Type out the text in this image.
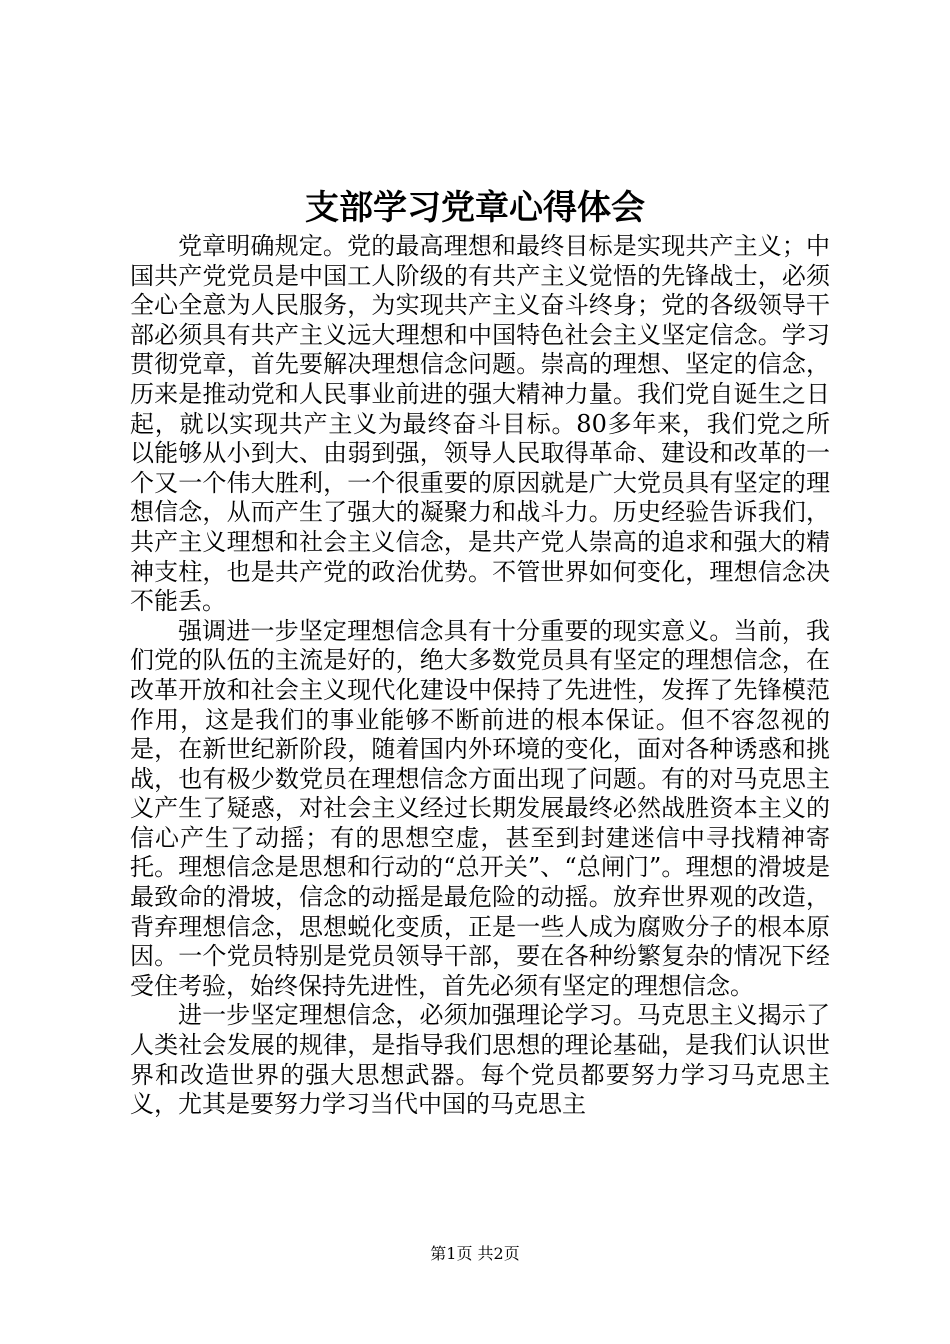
支部学习党章心得体会

党章明确规定。党的最高理想和最终目标是实现共产主义；中国共产党党员是中国工人阶级的有共产主义觉悟的先锋战士，必须全心全意为人民服务，为实现共产主义奋斗终身；党的各级领导干部必须具有共产主义远大理想和中国特色社会主义坚定信念。学习贯彻党章，首先要解决理想信念问题。崇高的理想、坚定的信念，历来是推动党和人民事业前进的强大精神力量。我们党自诞生之日起，就以实现共产主义为最终奋斗目标。80多年来，我们党之所以能够从小到大、由弱到强，领导人民取得革命、建设和改革的一个又一个伟大胜利，一个很重要的原因就是广大党员具有坚定的理想信念，从而产生了强大的凝聚力和战斗力。历史经验告诉我们，共产主义理想和社会主义信念，是共产党人崇高的追求和强大的精神支柱，也是共产党的政治优势。不管世界如何变化，理想信念决不能丢。

强调进一步坚定理想信念具有十分重要的现实意义。当前，我们党的队伍的主流是好的，绝大多数党员具有坚定的理想信念，在改革开放和社会主义现代化建设中保持了先进性，发挥了先锋模范作用，这是我们的事业能够不断前进的根本保证。但不容忽视的是，在新世纪新阶段，随着国内外环境的变化，面对各种诱惑和挑战，也有极少数党员在理想信念方面出现了问题。有的对马克思主义产生了疑惑，对社会主义经过长期发展最终必然战胜资本主义的信心产生了动摇；有的思想空虚，甚至到封建迷信中寻找精神寄托。理想信念是思想和行动的“总开关”、“总闸门”。理想的滑坡是最致命的滑坡，信念的动摇是最危险的动摇。放弃世界观的改造，背弃理想信念，思想蜕化变质，正是一些人成为腐败分子的根本原因。一个党员特别是党员领导干部，要在各种纷繁复杂的情况下经受住考验，始终保持先进性，首先必须有坚定的理想信念。

进一步坚定理想信念，必须加强理论学习。马克思主义揭示了人类社会发展的规律，是指导我们思想的理论基础，是我们认识世界和改造世界的强大思想武器。每个党员都要努力学习马克思主义，尤其是要努力学习当代中国的马克思主

第1页 共2页
